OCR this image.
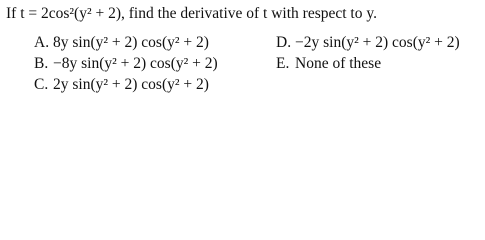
If t = 2cos²(y² + 2), find the derivative of t with respect to y.
A. 8y sin(y² + 2) cos(y² + 2)
B. −8y sin(y² + 2) cos(y² + 2)
C. 2y sin(y² + 2) cos(y² + 2)
D. −2y sin(y² + 2) cos(y² + 2)
E. None of these
